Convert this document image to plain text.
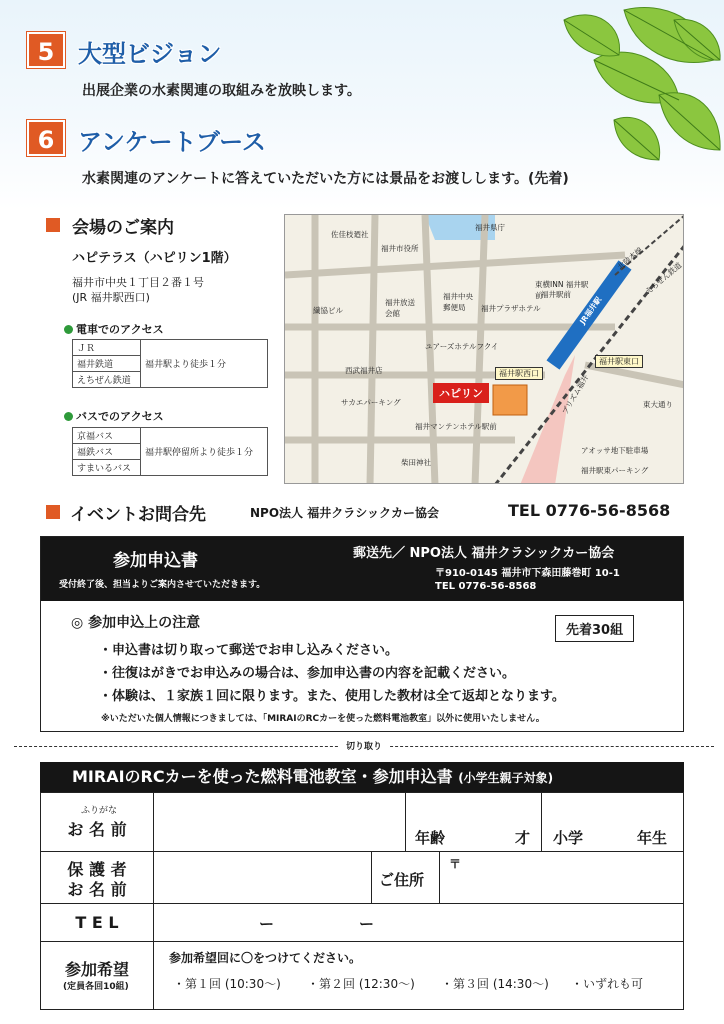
5 大型ビジョン
出展企業の水素関連の取組みを放映します。
6 アンケートブース
水素関連のアンケートに答えていただいた方には景品をお渡しします。(先着)
会場のご案内
ハピテラス（ハピリン1階）
福井市中央１丁目２番１号
(JR 福井駅西口)
電車でのアクセス
ＪＲ	福井駅より徒歩１分
福井鉄道
えちぜん鉄道
バスでのアクセス
京福バス	福井駅停留所より徒歩１分
福鉄バス
すまいるバス
佐佳枝廼社
福井県庁
福井市役所	北陸本線
えちぜん鉄道
繊協ビル
福井放送会館
福井中央郵便局	福井プラザホテル
東横INN 福井駅前
福井駅前
JR福井駅
ユアーズホテルフクイ
西武福井店
サカエパーキング
福井マンテンホテル駅前
プリズム福井	東大通り
柴田神社
アオッサ地下駐車場
福井駅東パーキング
福井駅西口
福井駅東口
ハピリン
イベントお問合先	NPO法人 福井クラシックカー協会	TEL 0776-56-8568
参加申込書
受付終了後、担当よりご案内させていただきます。
郵送先／ NPO法人 福井クラシックカー協会
〒910-0145 福井市下森田藤巻町 10-1
TEL 0776-56-8568
◎ 参加申込上の注意	先着30組
・申込書は切り取って郵送でお申し込みください。
・往復はがきでお申込みの場合は、参加申込書の内容を記載ください。
・体験は、１家族１回に限ります。また、使用した教材は全て返却となります。
※いただいた個人情報につきましては、「MIRAIのRCカーを使った燃料電池教室」以外に使用いたしません。
切り取り
MIRAIのRCカーを使った燃料電池教室・参加申込書 (小学生親子対象)
ふりがな
お 名 前	年齢	才 小学	年生
保 護 者
お 名 前	ご住所
〒
T E L	ー	ー
参加希望
(定員各回10組)
参加希望回に〇をつけてください。
・第１回 (10:30〜) ・第２回 (12:30〜) ・第３回 (14:30〜) ・いずれも可
